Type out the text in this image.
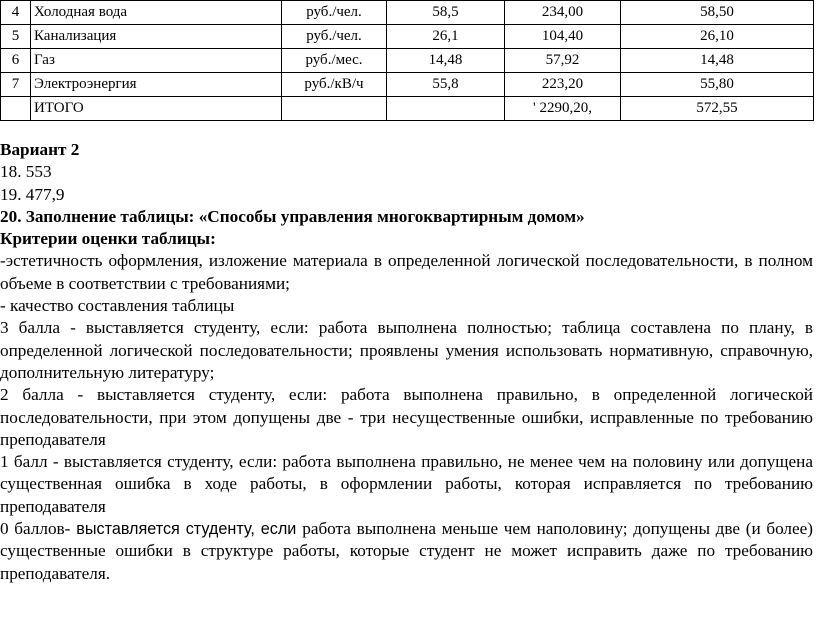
4	Холодная вода	руб./чел.	58,5	234,00	58,50
5	Канализация	руб./чел.	26,1	104,40	26,10
6	Газ	руб./мес.	14,48	57,92	14,48
7	Электроэнергия	руб./кВ/ч	55,8	223,20	55,80
	ИТОГО			' 2290,20,	572,55

Вариант 2

18. 553

19. 477,9

20. Заполнение таблицы: «Способы управления многоквартирным домом»

Критерии оценки таблицы:

-эстетичность оформления, изложение материала в определенной логической последовательности, в полном объеме в соответствии с требованиями;

- качество составления таблицы

3 балла - выставляется студенту, если: работа выполнена полностью; таблица составлена по плану, в определенной логической последовательности; проявлены умения использовать нормативную, справочную, дополнительную литературу;

2 балла - выставляется студенту, если: работа выполнена правильно, в определенной логической последовательности, при этом допущены две - три несущественные ошибки, исправленные по требованию преподавателя

1 балл - выставляется студенту, если: работа выполнена правильно, не менее чем на половину или допущена существенная ошибка в ходе работы, в оформлении работы, которая исправляется по требованию преподавателя

0 баллов- выставляется студенту, если работа выполнена меньше чем наполовину; допущены две (и более) существенные ошибки в структуре работы, которые студент не может исправить даже по требованию преподавателя.
